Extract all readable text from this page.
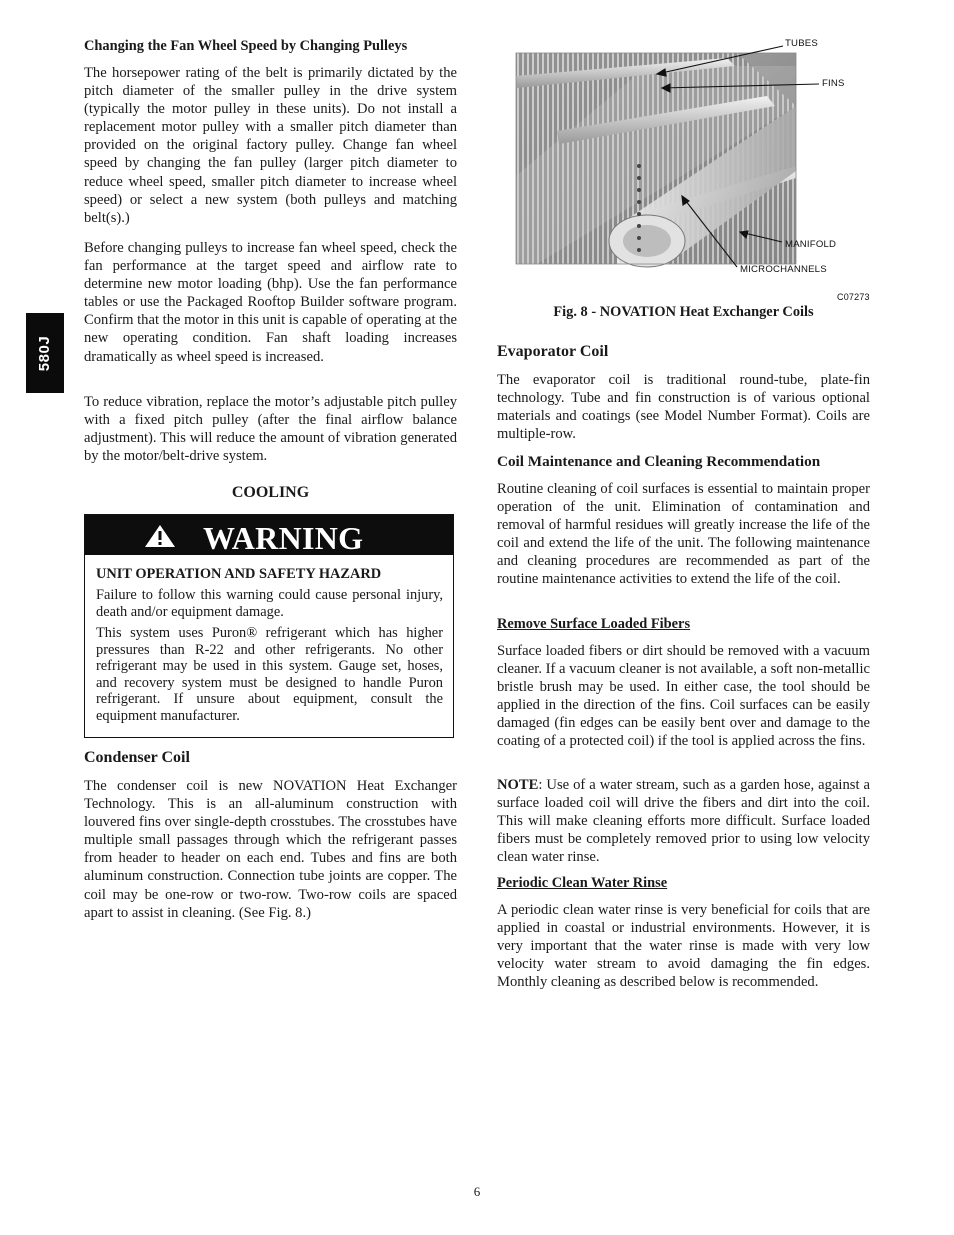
580J
Changing the Fan Wheel Speed by Changing Pulleys

The horsepower rating of the belt is primarily dictated by the pitch diameter of the smaller pulley in the drive system (typically the motor pulley in these units). Do not install a replacement motor pulley with a smaller pitch diameter than provided on the original factory pulley. Change fan wheel speed by changing the fan pulley (larger pitch diameter to reduce wheel speed, smaller pitch diameter to increase wheel speed) or select a new system (both pulleys and matching belt(s).)

Before changing pulleys to increase fan wheel speed, check the fan performance at the target speed and airflow rate to determine new motor loading (bhp). Use the fan performance tables or use the Packaged Rooftop Builder software program. Confirm that the motor in this unit is capable of operating at the new operating condition. Fan shaft loading increases dramatically as wheel speed is increased.

To reduce vibration, replace the motor’s adjustable pitch pulley with a fixed pitch pulley (after the final airflow balance adjustment). This will reduce the amount of vibration generated by the motor/belt-drive system.

COOLING
WARNING
UNIT OPERATION AND SAFETY HAZARD

Failure to follow this warning could cause personal injury, death and/or equipment damage.

This system uses Puron® refrigerant which has higher pressures than R-22 and other refrigerants. No other refrigerant may be used in this system. Gauge set, hoses, and recovery system must be designed to handle Puron refrigerant. If unsure about equipment, consult the equipment manufacturer.

Condenser Coil

The condenser coil is new NOVATION Heat Exchanger Technology. This is an all-aluminum construction with louvered fins over single-depth crosstubes. The crosstubes have multiple small passages through which the refrigerant passes from header to header on each end. Tubes and fins are both aluminum construction. Connection tube joints are copper. The coil may be one-row or two-row. Two-row coils are spaced apart to assist in cleaning. (See Fig. 8.)

TUBES
FINS
MANIFOLD
MICROCHANNELS
C07273
Fig. 8 - NOVATION Heat Exchanger Coils
Evaporator Coil

The evaporator coil is traditional round-tube, plate-fin technology. Tube and fin construction is of various optional materials and coatings (see Model Number Format). Coils are multiple-row.

Coil Maintenance and Cleaning Recommendation

Routine cleaning of coil surfaces is essential to maintain proper operation of the unit. Elimination of contamination and removal of harmful residues will greatly increase the life of the coil and extend the life of the unit. The following maintenance and cleaning procedures are recommended as part of the routine maintenance activities to extend the life of the coil.

Remove Surface Loaded Fibers

Surface loaded fibers or dirt should be removed with a vacuum cleaner. If a vacuum cleaner is not available, a soft non-metallic bristle brush may be used. In either case, the tool should be applied in the direction of the fins. Coil surfaces can be easily damaged (fin edges can be easily bent over and damage to the coating of a protected coil) if the tool is applied across the fins.

NOTE: Use of a water stream, such as a garden hose, against a surface loaded coil will drive the fibers and dirt into the coil. This will make cleaning efforts more difficult. Surface loaded fibers must be completely removed prior to using low velocity clean water rinse.

Periodic Clean Water Rinse

A periodic clean water rinse is very beneficial for coils that are applied in coastal or industrial environments. However, it is very important that the water rinse is made with very low velocity water stream to avoid damaging the fin edges. Monthly cleaning as described below is recommended.

6
